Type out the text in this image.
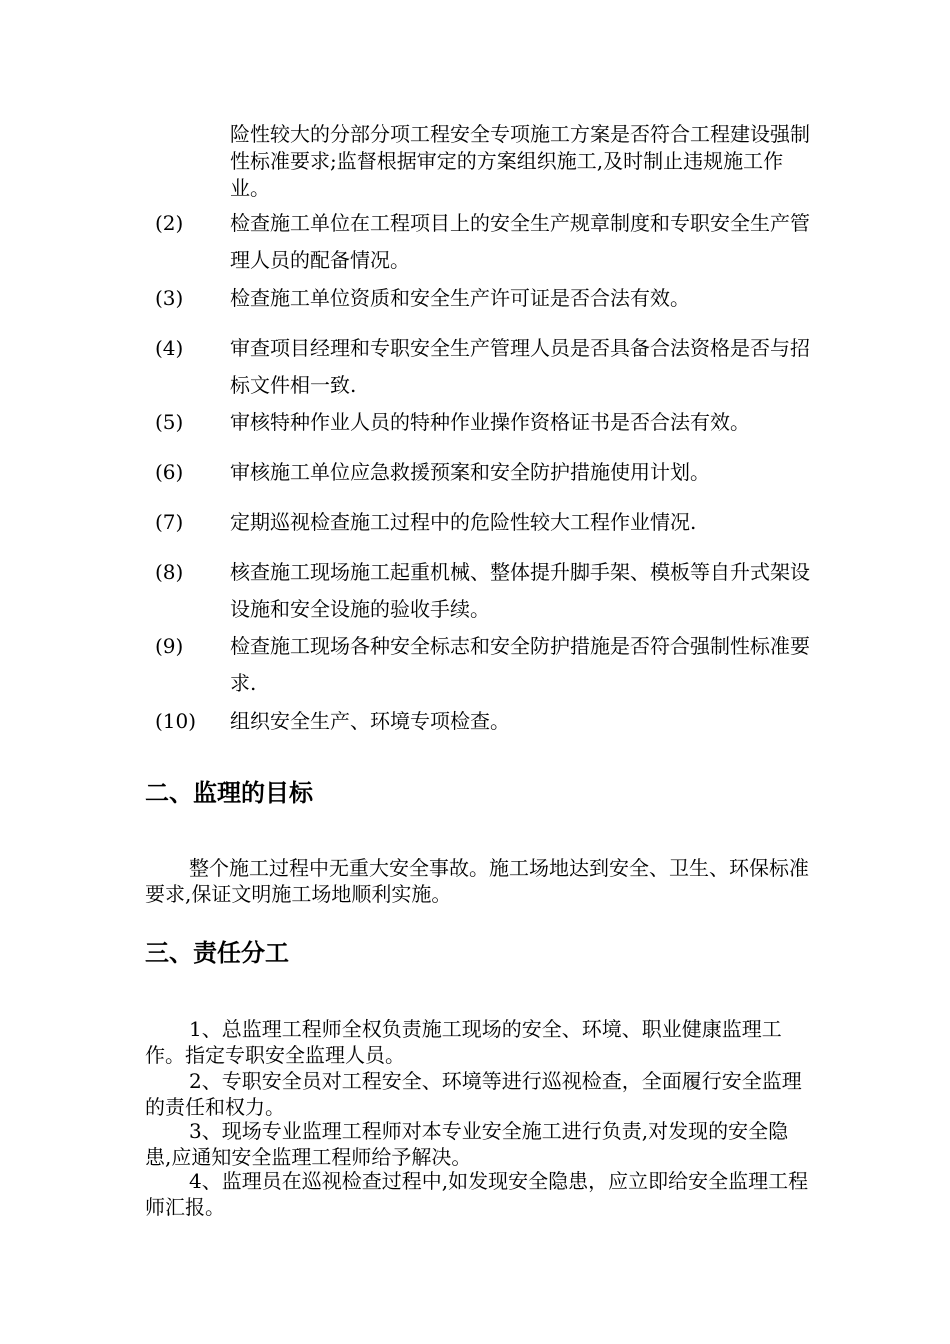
险性较大的分部分项工程安全专项施工方案是否符合工程建设强制性标准要求;监督根据审定的方案组织施工,及时制止违规施工作业。
(2) 检查施工单位在工程项目上的安全生产规章制度和专职安全生产管理人员的配备情况。
(3) 检查施工单位资质和安全生产许可证是否合法有效。
(4) 审查项目经理和专职安全生产管理人员是否具备合法资格是否与招标文件相一致.
(5) 审核特种作业人员的特种作业操作资格证书是否合法有效。
(6) 审核施工单位应急救援预案和安全防护措施使用计划。
(7) 定期巡视检查施工过程中的危险性较大工程作业情况.
(8) 核查施工现场施工起重机械、整体提升脚手架、模板等自升式架设设施和安全设施的验收手续。
(9) 检查施工现场各种安全标志和安全防护措施是否符合强制性标准要求.
(10) 组织安全生产、环境专项检查。
二、监理的目标
整个施工过程中无重大安全事故。施工场地达到安全、卫生、环保标准要求,保证文明施工场地顺利实施。
三、责任分工
1、总监理工程师全权负责施工现场的安全、环境、职业健康监理工作。指定专职安全监理人员。
2、专职安全员对工程安全、环境等进行巡视检查，全面履行安全监理的责任和权力。
3、现场专业监理工程师对本专业安全施工进行负责,对发现的安全隐患,应通知安全监理工程师给予解决。
4、监理员在巡视检查过程中,如发现安全隐患，应立即给安全监理工程师汇报。
